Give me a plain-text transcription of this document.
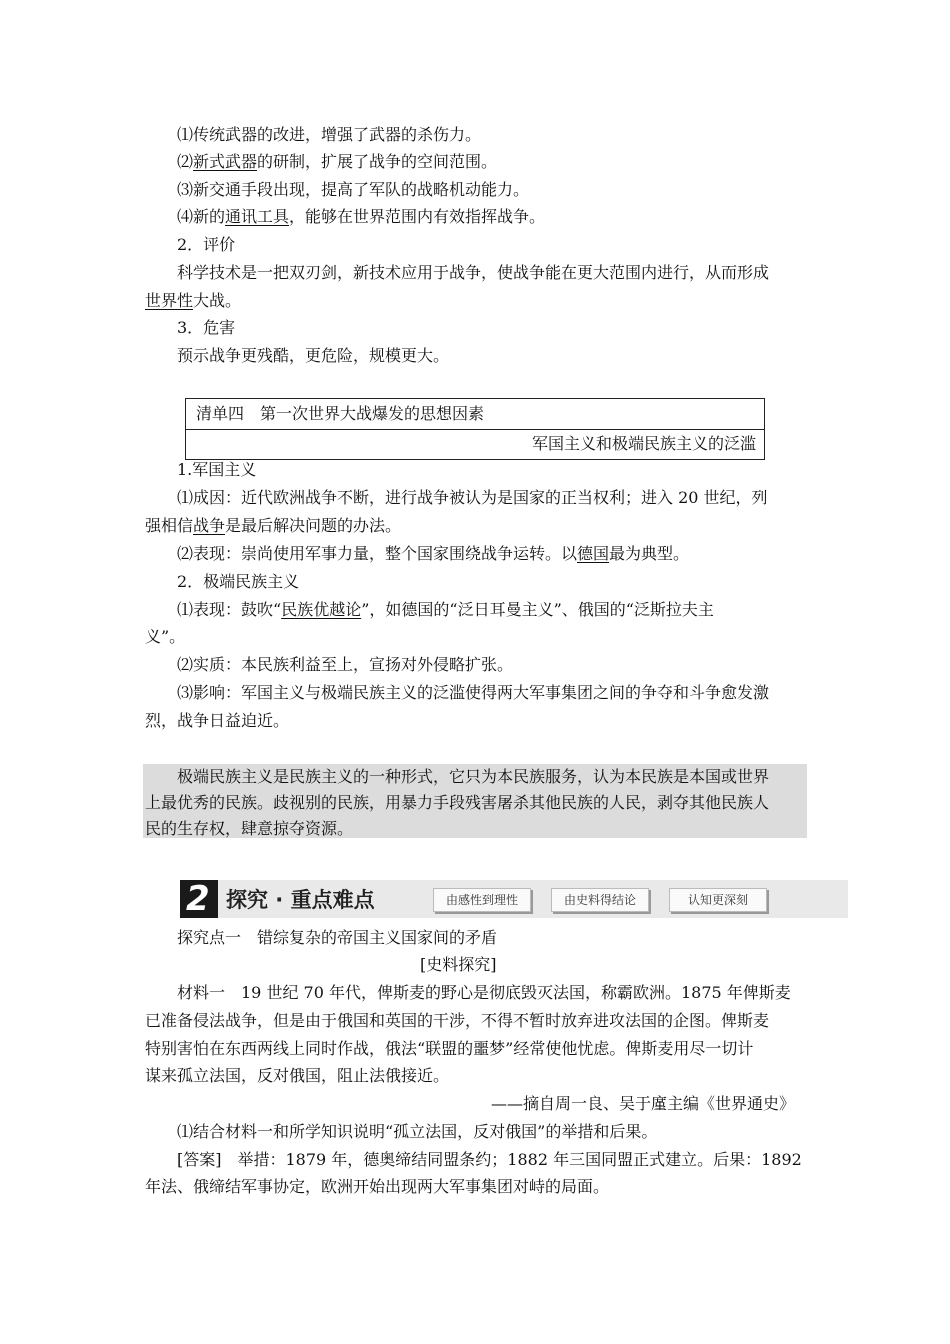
⑴传统武器的改进，增强了武器的杀伤力。
⑵新式武器的研制，扩展了战争的空间范围。
⑶新交通手段出现，提高了军队的战略机动能力。
⑷新的通讯工具，能够在世界范围内有效指挥战争。
2．评价
科学技术是一把双刃剑，新技术应用于战争，使战争能在更大范围内进行，从而形成
世界性大战。
3．危害
预示战争更残酷，更危险，规模更大。
清单四　第一次世界大战爆发的思想因素
军国主义和极端民族主义的泛滥
1.军国主义
⑴成因：近代欧洲战争不断，进行战争被认为是国家的正当权利；进入 20 世纪，列
强相信战争是最后解决问题的办法。
⑵表现：崇尚使用军事力量，整个国家围绕战争运转。以德国最为典型。
2．极端民族主义
⑴表现：鼓吹“民族优越论”，如德国的“泛日耳曼主义”、俄国的“泛斯拉夫主
义”。
⑵实质：本民族利益至上，宣扬对外侵略扩张。
⑶影响：军国主义与极端民族主义的泛滥使得两大军事集团之间的争夺和斗争愈发激
烈，战争日益迫近。
极端民族主义是民族主义的一种形式，它只为本民族服务，认为本民族是本国或世界
上最优秀的民族。歧视别的民族，用暴力手段残害屠杀其他民族的人民，剥夺其他民族人
民的生存权，肆意掠夺资源。
2 探究 · 重点难点	由感性到理性	由史料得结论	认知更深刻
探究点一　错综复杂的帝国主义国家间的矛盾
[史料探究]
材料一　19 世纪 70 年代，俾斯麦的野心是彻底毁灭法国，称霸欧洲。1875 年俾斯麦
已准备侵法战争，但是由于俄国和英国的干涉，不得不暂时放弃进攻法国的企图。俾斯麦
特别害怕在东西两线上同时作战，俄法“联盟的噩梦”经常使他忧虑。俾斯麦用尽一切计
谋来孤立法国，反对俄国，阻止法俄接近。
——摘自周一良、吴于廑主编《世界通史》
⑴结合材料一和所学知识说明“孤立法国，反对俄国”的举措和后果。
[答案]　举措：1879 年，德奥缔结同盟条约；1882 年三国同盟正式建立。后果：1892
年法、俄缔结军事协定，欧洲开始出现两大军事集团对峙的局面。
